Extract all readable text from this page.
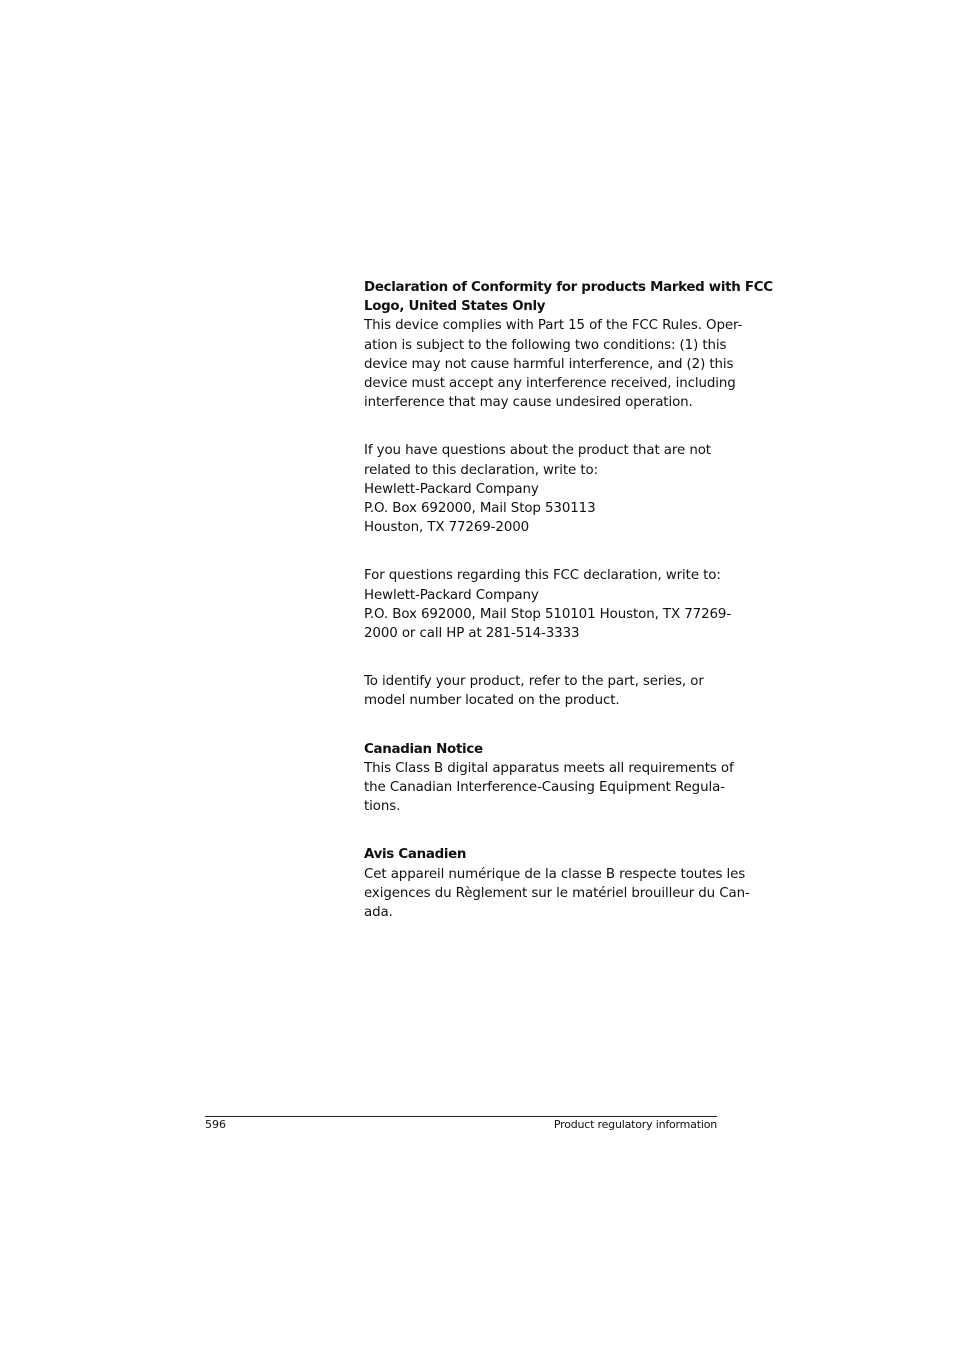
Declaration of Conformity for products Marked with FCC
Logo, United States Only
This device complies with Part 15 of the FCC Rules. Oper-
ation is subject to the following two conditions: (1) this
device may not cause harmful interference, and (2) this
device must accept any interference received, including
interference that may cause undesired operation.
If you have questions about the product that are not
related to this declaration, write to:
Hewlett-Packard Company
P.O. Box 692000, Mail Stop 530113
Houston, TX 77269-2000
For questions regarding this FCC declaration, write to:
Hewlett-Packard Company
P.O. Box 692000, Mail Stop 510101 Houston, TX 77269-
2000 or call HP at 281-514-3333
To identify your product, refer to the part, series, or
model number located on the product.
Canadian Notice
This Class B digital apparatus meets all requirements of
the Canadian Interference-Causing Equipment Regula-
tions.
Avis Canadien
Cet appareil numérique de la classe B respecte toutes les
exigences du Règlement sur le matériel brouilleur du Can-
ada.
596	Product regulatory information
